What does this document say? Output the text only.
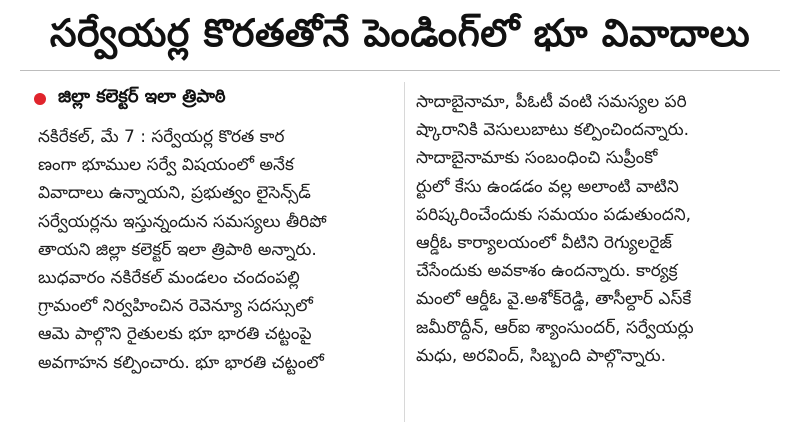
సర్వేయర్ల కొరతతోనే పెండింగ్‌లో భూ వివాదాలు
జిల్లా కలెక్టర్ ఇలా త్రిపాఠి
నకిరేకల్, మే 7 : సర్వేయర్ల కొరత కార
ణంగా భూముల సర్వే విషయంలో అనేక
వివాదాలు ఉన్నాయని, ప్రభుత్వం లైసెన్స్‌డ్
సర్వేయర్లను ఇస్తున్నందున సమస్యలు తీరిపో
తాయని జిల్లా కలెక్టర్ ఇలా త్రిపాఠి అన్నారు.
బుధవారం నకిరేకల్ మండలం చందంపల్లి
గ్రామంలో నిర్వహించిన రెవెన్యూ సదస్సులో
ఆమె పాల్గొని రైతులకు భూ భారతి చట్టంపై
అవగాహన కల్పించారు. భూ భారతి చట్టంలో
సాదాబైనామా, పీఓటీ వంటి సమస్యల పరి
ష్కారానికి వెసులుబాటు కల్పించిందన్నారు.
సాదాబైనామాకు సంబంధించి సుప్రీంకో
ర్టులో కేసు ఉండడం వల్ల అలాంటి వాటిని
పరిష్కరించేందుకు సమయం పడుతుందని,
ఆర్డీఓ కార్యాలయంలో వీటిని రెగ్యులరైజ్
చేసేందుకు అవకాశం ఉందన్నారు. కార్యక్ర
మంలో ఆర్డీఓ వై.అశోక్‌రెడ్డి, తాసీల్దార్ ఎస్‌కే
జమీరొద్దీన్, ఆర్ఐ శ్యాంసుందర్, సర్వేయర్లు
మధు, అరవింద్, సిబ్బంది పాల్గొన్నారు.
